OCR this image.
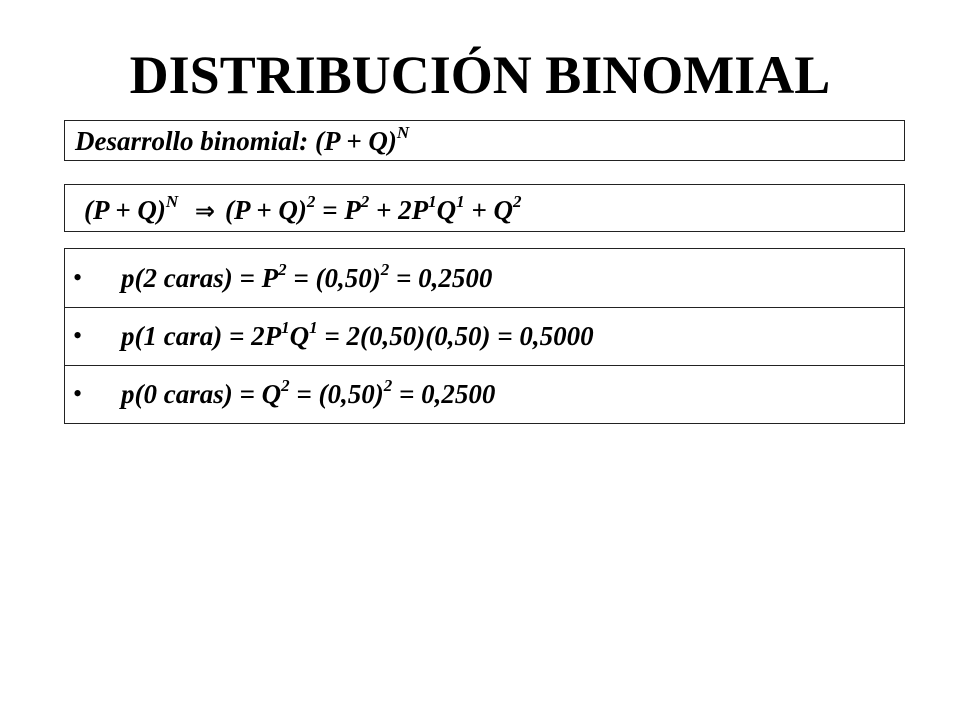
DISTRIBUCIÓN BINOMIAL
Desarrollo binomial: $(P + Q)^N$
$(P + Q)^N$ ⇒ $(P + Q)^2 = P^2 + 2P^1Q^1 + Q^2$
• p(2 caras) = $P^2 = (0,50)^2 = 0,2500$
• p(1 cara) = $2P^1Q^1 = 2(0,50)(0,50) = 0,5000$
• p(0 caras) = $Q^2 = (0,50)^2 = 0,2500$
